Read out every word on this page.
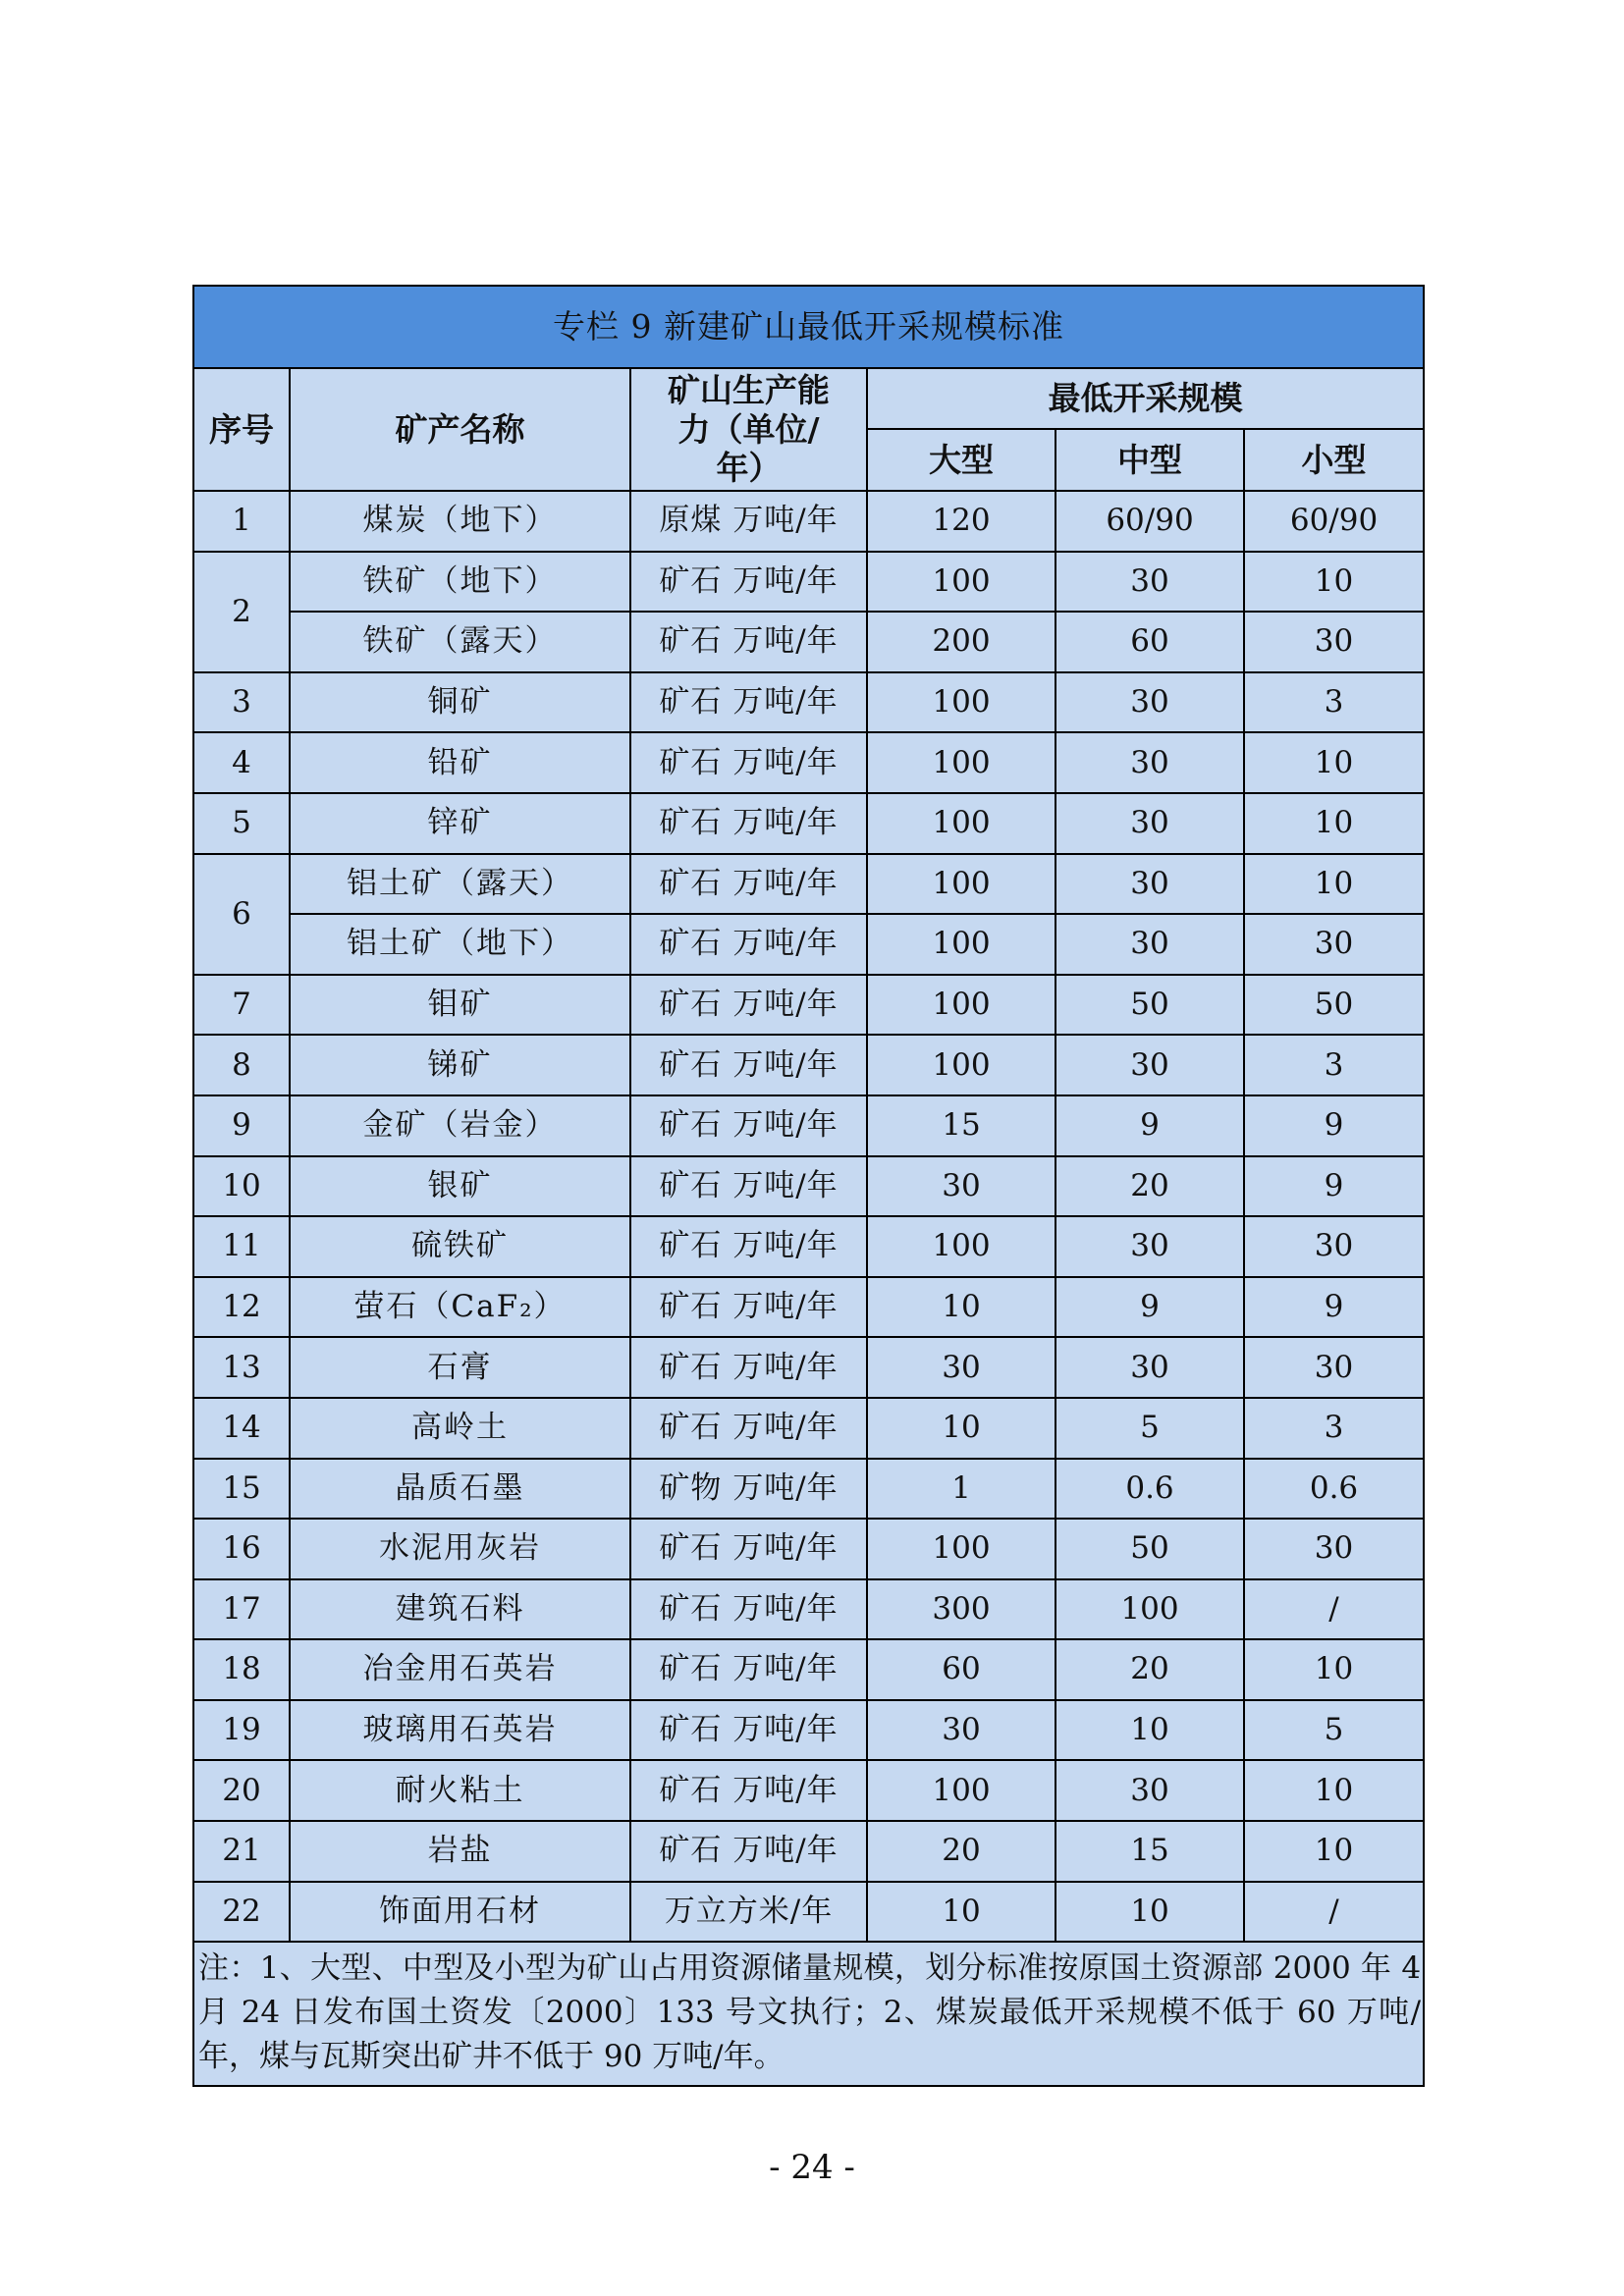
专栏 9 新建矿山最低开采规模标准					
序号	矿产名称	矿山生产能力（单位/年）	最低开采规模		
			大型	中型	小型
1	煤炭（地下）	原煤 万吨/年	120	60/90	60/90
2	铁矿（地下）	矿石 万吨/年	100	30	10
	铁矿（露天）	矿石 万吨/年	200	60	30
3	铜矿	矿石 万吨/年	100	30	3
4	铅矿	矿石 万吨/年	100	30	10
5	锌矿	矿石 万吨/年	100	30	10
6	铝土矿（露天）	矿石 万吨/年	100	30	10
	铝土矿（地下）	矿石 万吨/年	100	30	30
7	钼矿	矿石 万吨/年	100	50	50
8	锑矿	矿石 万吨/年	100	30	3
9	金矿（岩金）	矿石 万吨/年	15	9	9
10	银矿	矿石 万吨/年	30	20	9
11	硫铁矿	矿石 万吨/年	100	30	30
12	萤石（CaF₂）	矿石 万吨/年	10	9	9
13	石膏	矿石 万吨/年	30	30	30
14	高岭土	矿石 万吨/年	10	5	3
15	晶质石墨	矿物 万吨/年	1	0.6	0.6
16	水泥用灰岩	矿石 万吨/年	100	50	30
17	建筑石料	矿石 万吨/年	300	100	/
18	冶金用石英岩	矿石 万吨/年	60	20	10
19	玻璃用石英岩	矿石 万吨/年	30	10	5
20	耐火粘土	矿石 万吨/年	100	30	10
21	岩盐	矿石 万吨/年	20	15	10
22	饰面用石材	万立方米/年	10	10	/
注：1、大型、中型及小型为矿山占用资源储量规模，划分标准按原国土资源部 2000 年 4 月 24 日发布国土资发〔2000〕133 号文执行；2、煤炭最低开采规模不低于 60 万吨/年，煤与瓦斯突出矿井不低于 90 万吨/年。					
- 24 -
